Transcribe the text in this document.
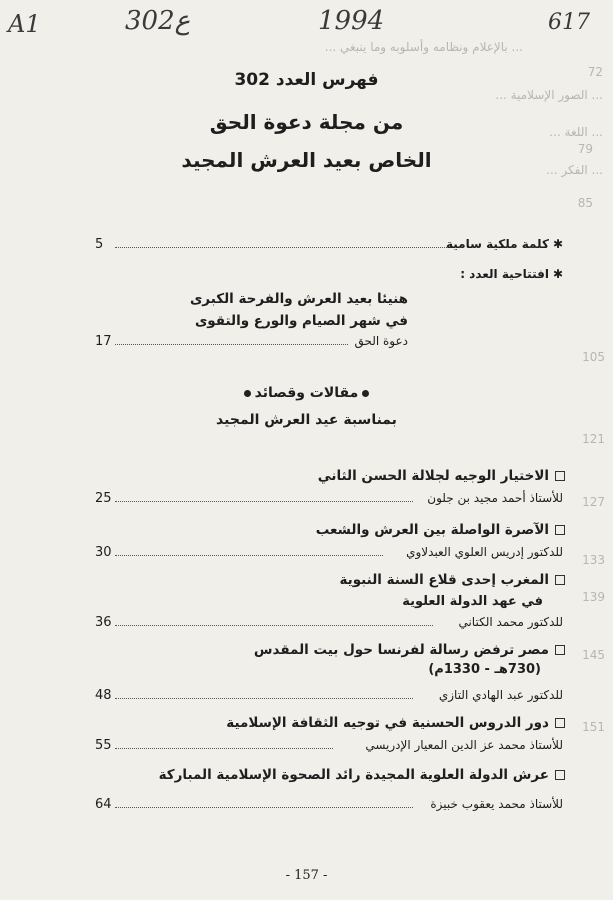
A1	302ع	1994	617
... بالإعلام ونظامه وأسلوبه وما ينبغي ...
72
... الصور الإسلامية ...
... اللغة ...
79
... الفكر ...
85
105
121
127
133
139
145
151
فهرس العدد 302
من مجلة دعوة الحق
الخاص بعيد العرش المجيد
5	✱كلمة ملكية سامية
✱افتتاحية العدد :
هنيئا بعيد العرش والفرحة الكبرى
في شهر الصيام والورع والتقوى
17	دعوة الحق
مقالات وقصائد
بمناسبة عيد العرش المجيد
الاختيار الوجيه لجلالة الحسن الثاني
25	للأستاذ أحمد مجيد بن جلون
الآصرة الواصلة بين العرش والشعب
30	للدكتور إدريس العلوي العبدلاوي
المغرب إحدى قلاع السنة النبوية
في عهد الدولة العلوية
36	للدكتور محمد الكتاني
مصر ترفض رسالة لفرنسا حول بيت المقدس
(730هـ - 1330م)
48	للدكتور عبد الهادي التازي
دور الدروس الحسنية في توجيه الثقافة الإسلامية
55	للأستاذ محمد عز الدين المعيار الإدريسي
عرش الدولة العلوية المجيدة رائد الصحوة الإسلامية المباركة
64	للأستاذ محمد يعقوب خبيزة
- 157 -
